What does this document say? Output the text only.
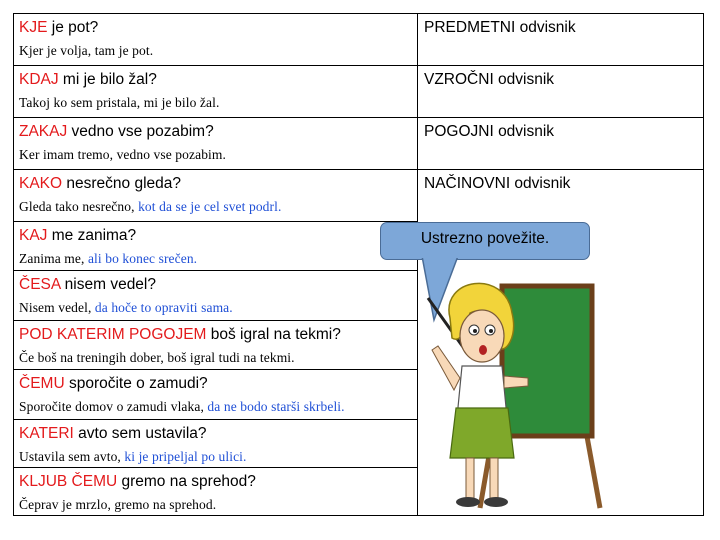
KJE je pot?
Kjer je volja, tam je pot.
PREDMETNI odvisnik
KDAJ mi je bilo žal?
Takoj ko sem pristala, mi je bilo žal.
VZROČNI odvisnik
ZAKAJ vedno vse pozabim?
Ker imam tremo, vedno vse pozabim.
POGOJNI odvisnik
KAKO nesrečno gleda?
Gleda tako nesrečno, kot da se je cel svet podrl.
NAČINOVNI odvisnik
KAJ me zanima?
Zanima me, ali bo konec srečen.
ČESA nisem vedel?
Nisem vedel, da hoče to opraviti sama.
POD KATERIM POGOJEM boš igral na tekmi?
Če boš na treningih dober, boš igral tudi na tekmi.
ČEMU sporočite o zamudi?
Sporočite domov o zamudi vlaka, da ne bodo starši skrbeli.
KATERI avto sem ustavila?
Ustavila sem avto, ki je pripeljal po ulici.
KLJUB ČEMU gremo na sprehod?
Čeprav je mrzlo, gremo na sprehod.
Ustrezno povežite.
